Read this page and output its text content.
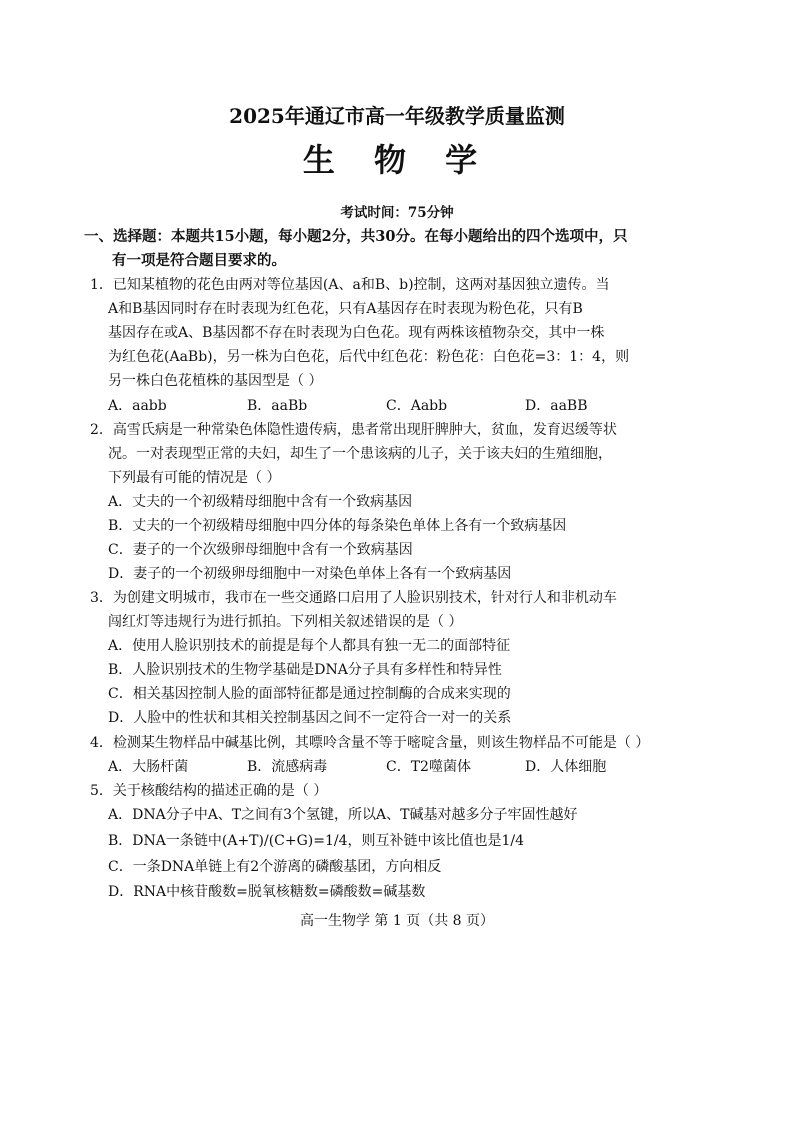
2025年通辽市高一年级教学质量监测
生 物 学
考试时间：75分钟
一、选择题：本题共15小题，每小题2分，共30分。在每小题给出的四个选项中，只
有一项是符合题目要求的。
1．已知某植物的花色由两对等位基因(A、a和B、b)控制，这两对基因独立遗传。当
A和B基因同时存在时表现为红色花，只有A基因存在时表现为粉色花，只有B
基因存在或A、B基因都不存在时表现为白色花。现有两株该植物杂交，其中一株
为红色花(AaBb)，另一株为白色花，后代中红色花：粉色花：白色花=3：1：4，则
另一株白色花植株的基因型是（ ）
A．aabb	B．aaBb	C．Aabb	D．aaBB
2．高雪氏病是一种常染色体隐性遗传病，患者常出现肝脾肿大，贫血，发育迟缓等状
况。一对表现型正常的夫妇，却生了一个患该病的儿子，关于该夫妇的生殖细胞，
下列最有可能的情况是（ ）
A．丈夫的一个初级精母细胞中含有一个致病基因
B．丈夫的一个初级精母细胞中四分体的每条染色单体上各有一个致病基因
C．妻子的一个次级卵母细胞中含有一个致病基因
D．妻子的一个初级卵母细胞中一对染色单体上各有一个致病基因
3．为创建文明城市，我市在一些交通路口启用了人脸识别技术，针对行人和非机动车
闯红灯等违规行为进行抓拍。下列相关叙述错误的是（ ）
A．使用人脸识别技术的前提是每个人都具有独一无二的面部特征
B．人脸识别技术的生物学基础是DNA分子具有多样性和特异性
C．相关基因控制人脸的面部特征都是通过控制酶的合成来实现的
D．人脸中的性状和其相关控制基因之间不一定符合一对一的关系
4．检测某生物样品中碱基比例，其嘌呤含量不等于嘧啶含量，则该生物样品不可能是（ ）
A．大肠杆菌	B．流感病毒	C．T2噬菌体	D．人体细胞
5．关于核酸结构的描述正确的是（ ）
A．DNA分子中A、T之间有3个氢键，所以A、T碱基对越多分子牢固性越好
B．DNA一条链中(A+T)/(C+G)=1/4，则互补链中该比值也是1/4
C．一条DNA单链上有2个游离的磷酸基团，方向相反
D．RNA中核苷酸数=脱氧核糖数=磷酸数=碱基数
高一生物学 第 1 页（共 8 页）
